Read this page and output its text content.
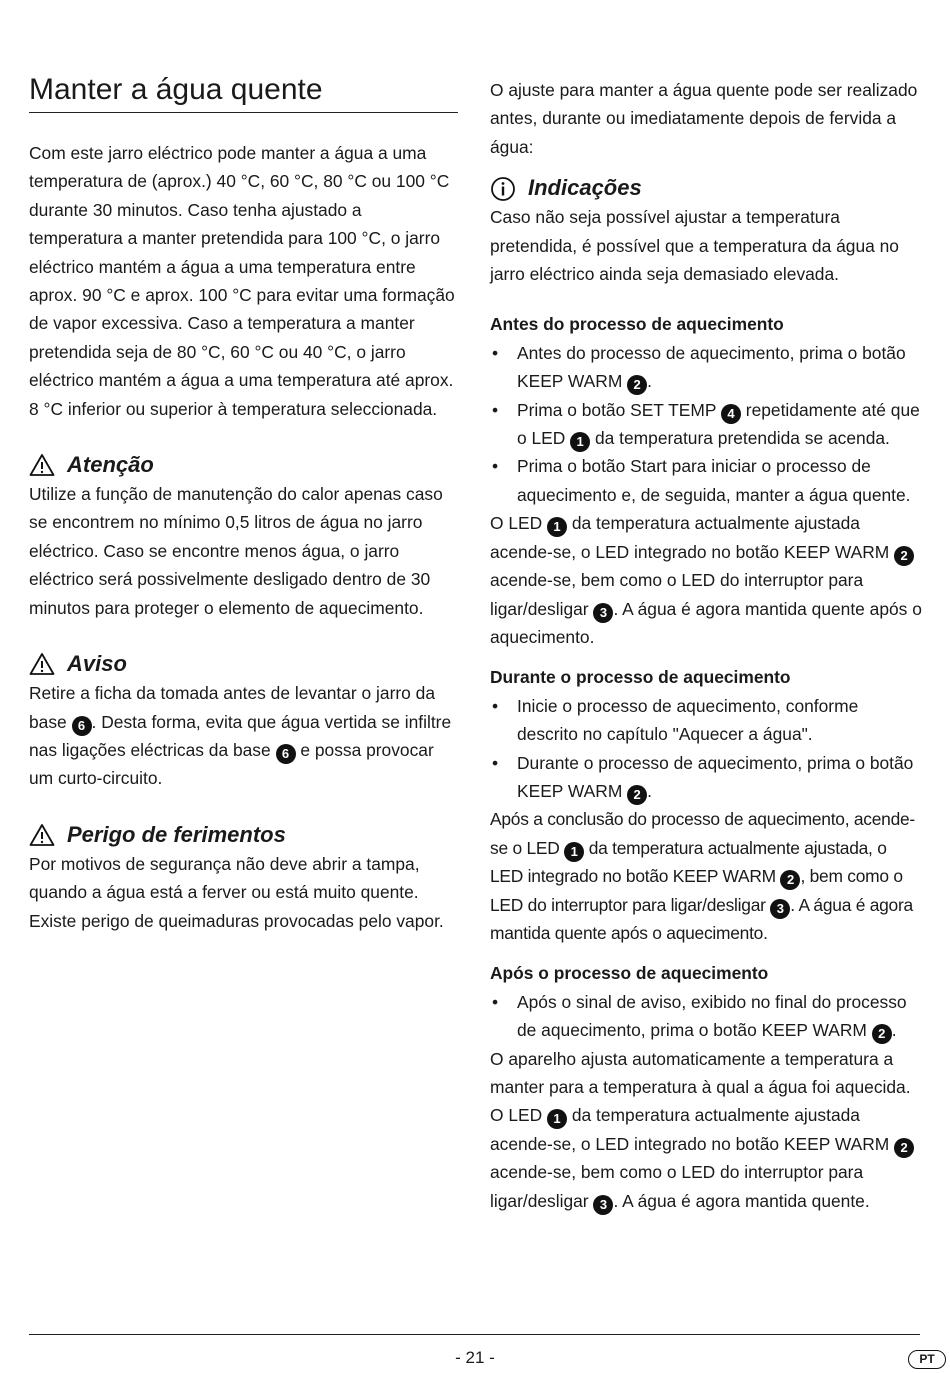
Manter a água quente

Com este jarro eléctrico pode manter a água a uma temperatura de (aprox.) 40 °C, 60 °C, 80 °C ou 100 °C durante 30 minutos. Caso tenha ajustado a temperatura a manter pretendida para 100 °C, o jarro eléctrico mantém a água a uma temperatura entre aprox. 90 °C e aprox. 100 °C para evitar uma formação de vapor excessiva. Caso a temperatura a manter pretendida seja de 80 °C, 60 °C ou 40 °C, o jarro eléctrico mantém a água a uma temperatura até aprox. 8 °C inferior ou superior à temperatura seleccionada.

Atenção

Utilize a função de manutenção do calor apenas caso se encontrem no mínimo 0,5 litros de água no jarro eléctrico. Caso se encontre menos água, o jarro eléctrico será possivelmente desligado dentro de 30 minutos para proteger o elemento de aquecimento.

Aviso

Retire a ficha da tomada antes de levantar o jarro da base 6 . Desta forma, evita que água vertida se infiltre nas ligações eléctricas da base 6 e possa provocar um curto-circuito.

Perigo de ferimentos

Por motivos de segurança não deve abrir a tampa, quando a água está a ferver ou está muito quente. Existe perigo de queimaduras provocadas pelo vapor.

O ajuste para manter a água quente pode ser realizado antes, durante ou imediatamente depois de fervida a água:

Indicações

Caso não seja possível ajustar a temperatura pretendida, é possível que a temperatura da água no jarro eléctrico ainda seja demasiado elevada.

Antes do processo de aquecimento
• Antes do processo de aquecimento, prima o botão KEEP WARM 2 .
• Prima o botão SET TEMP 4 repetidamente até que o LED 1 da temperatura pretendida se acenda.
• Prima o botão Start para iniciar o processo de aquecimento e, de seguida, manter a água quente.

O LED 1 da temperatura actualmente ajustada acende-se, o LED integrado no botão KEEP WARM 2 acende-se, bem como o LED do interruptor para ligar/desligar 3 . A água é agora mantida quente após o aquecimento.

Durante o processo de aquecimento
• Inicie o processo de aquecimento, conforme descrito no capítulo "Aquecer a água".
• Durante o processo de aquecimento, prima o botão KEEP WARM 2 .

Após a conclusão do processo de aquecimento, acende-se o LED 1 da temperatura actualmente ajustada, o LED integrado no botão KEEP WARM 2 , bem como o LED do interruptor para ligar/desligar 3 . A água é agora mantida quente após o aquecimento.

Após o processo de aquecimento
• Após o sinal de aviso, exibido no final do processo de aquecimento, prima o botão KEEP WARM 2 .

O aparelho ajusta automaticamente a temperatura a manter para a temperatura à qual a água foi aquecida. O LED 1 da temperatura actualmente ajustada acende-se, o LED integrado no botão KEEP WARM 2 acende-se, bem como o LED do interruptor para ligar/desligar 3 . A água é agora mantida quente.

- 21 -	PT
